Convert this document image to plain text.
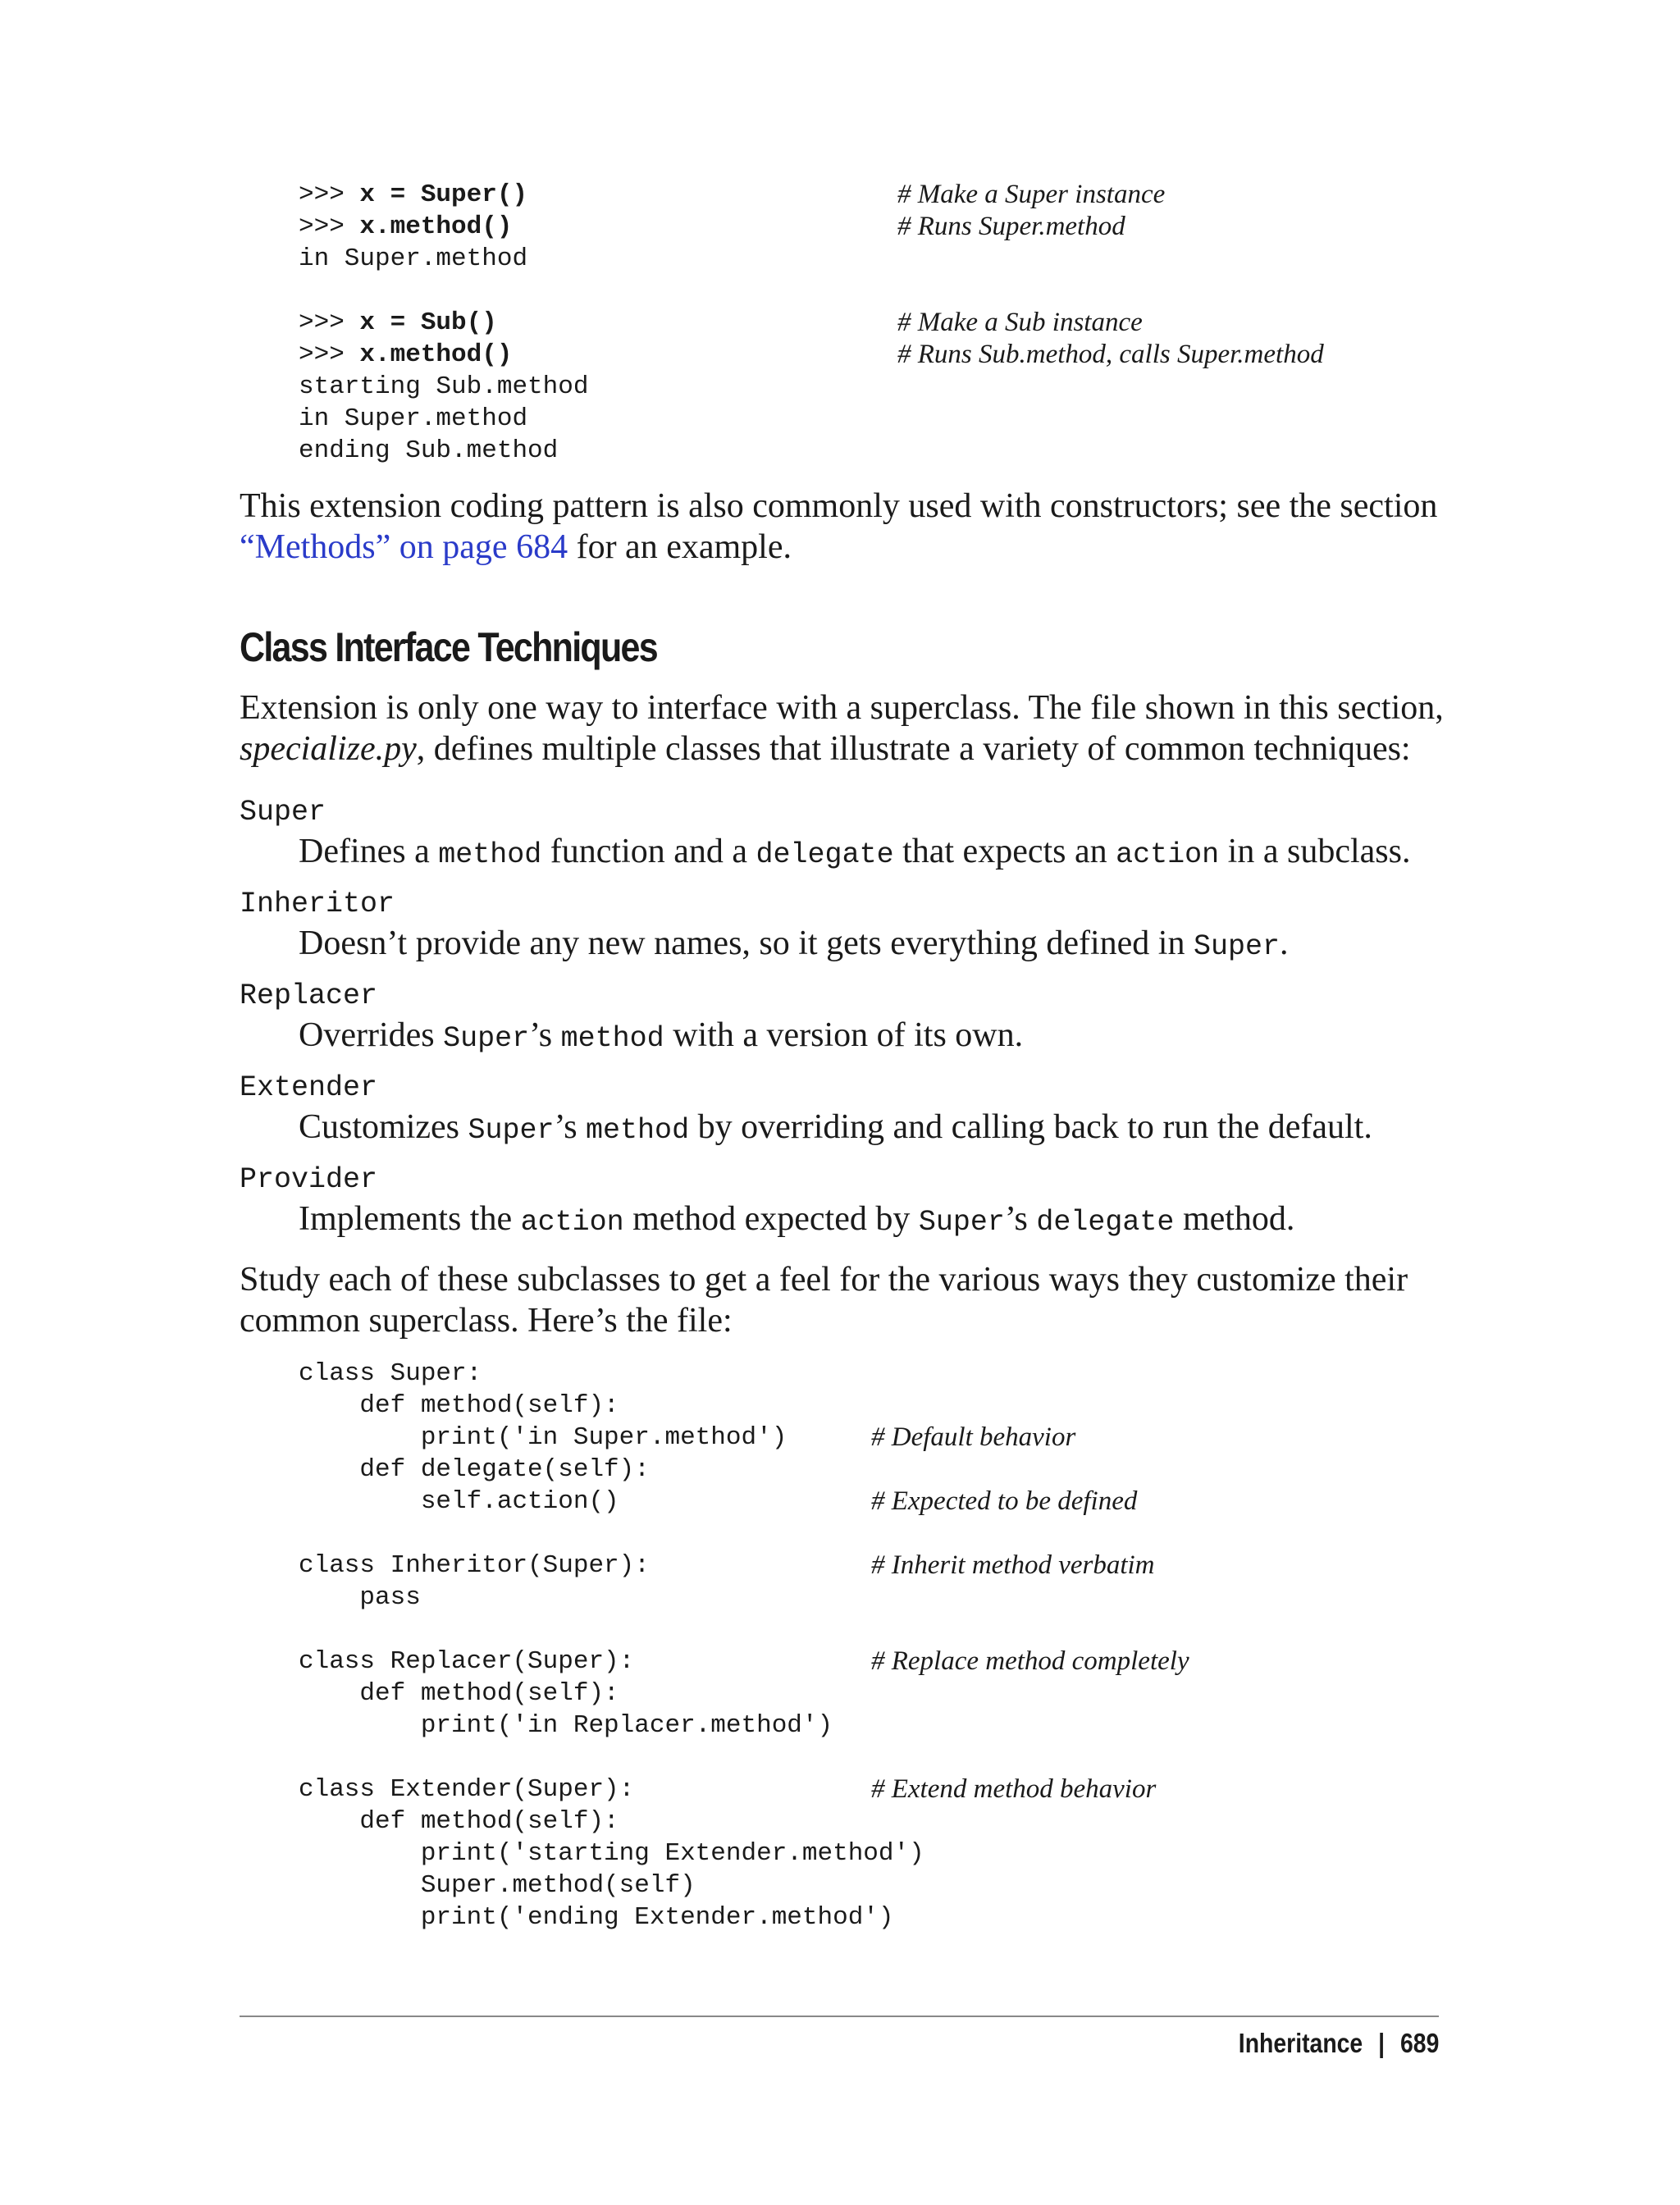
>>> x = Super()	# Make a Super instance
>>> x.method()	# Runs Super.method
in Super.method
>>> x = Sub()	# Make a Sub instance
>>> x.method()	# Runs Sub.method, calls Super.method
starting Sub.method
in Super.method
ending Sub.method
This extension coding pattern is also commonly used with constructors; see the section “Methods” on page 684 for an example.
Class Interface Techniques
Extension is only one way to interface with a superclass. The file shown in this section, specialize.py, defines multiple classes that illustrate a variety of common techniques:
Super
Defines a method function and a delegate that expects an action in a subclass.
Inheritor
Doesn’t provide any new names, so it gets everything defined in Super.
Replacer
Overrides Super’s method with a version of its own.
Extender
Customizes Super’s method by overriding and calling back to run the default.
Provider
Implements the action method expected by Super’s delegate method.
Study each of these subclasses to get a feel for the various ways they customize their common superclass. Here’s the file:
class Super:
def method(self):
print('in Super.method')	# Default behavior
def delegate(self):
self.action()	# Expected to be defined
class Inheritor(Super):	# Inherit method verbatim
pass
class Replacer(Super):	# Replace method completely
def method(self):
print('in Replacer.method')
class Extender(Super):	# Extend method behavior
def method(self):
print('starting Extender.method')
Super.method(self)
print('ending Extender.method')
Inheritance | 689
